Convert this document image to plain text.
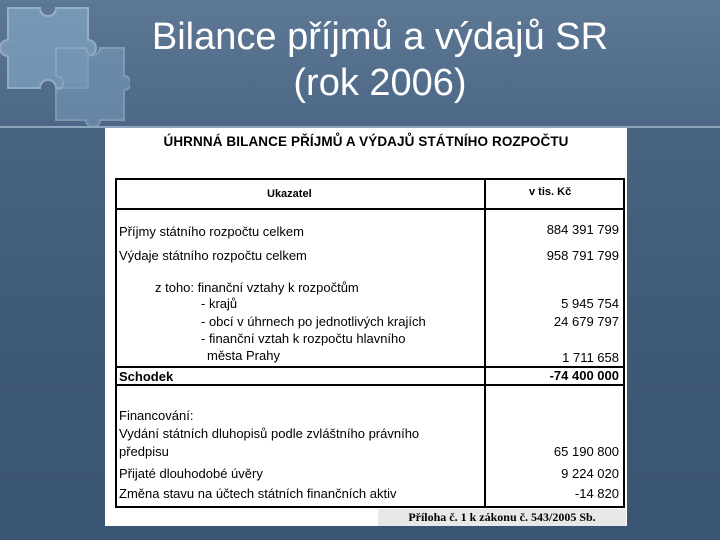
Bilance příjmů a výdajů SR
(rok 2006)
ÚHRNNÁ BILANCE PŘÍJMŮ A VÝDAJŮ STÁTNÍHO ROZPOČTU
Ukazatel	v tis. Kč
Příjmy státního rozpočtu celkem	884 391 799
Výdaje státního rozpočtu celkem	958 791 799
z toho: finanční vztahy k rozpočtům
- krajů	5 945 754
- obcí v úhrnech po jednotlivých krajích	24 679 797
- finanční vztah k rozpočtu hlavního
města Prahy	1 711 658
Schodek	-74 400 000
Financování:
Vydání státních dluhopisů podle zvláštního právního
předpisu	65 190 800
Přijaté dlouhodobé úvěry	9 224 020
Změna stavu na účtech státních finančních aktiv	-14 820
Příloha č. 1 k zákonu č. 543/2005 Sb.
